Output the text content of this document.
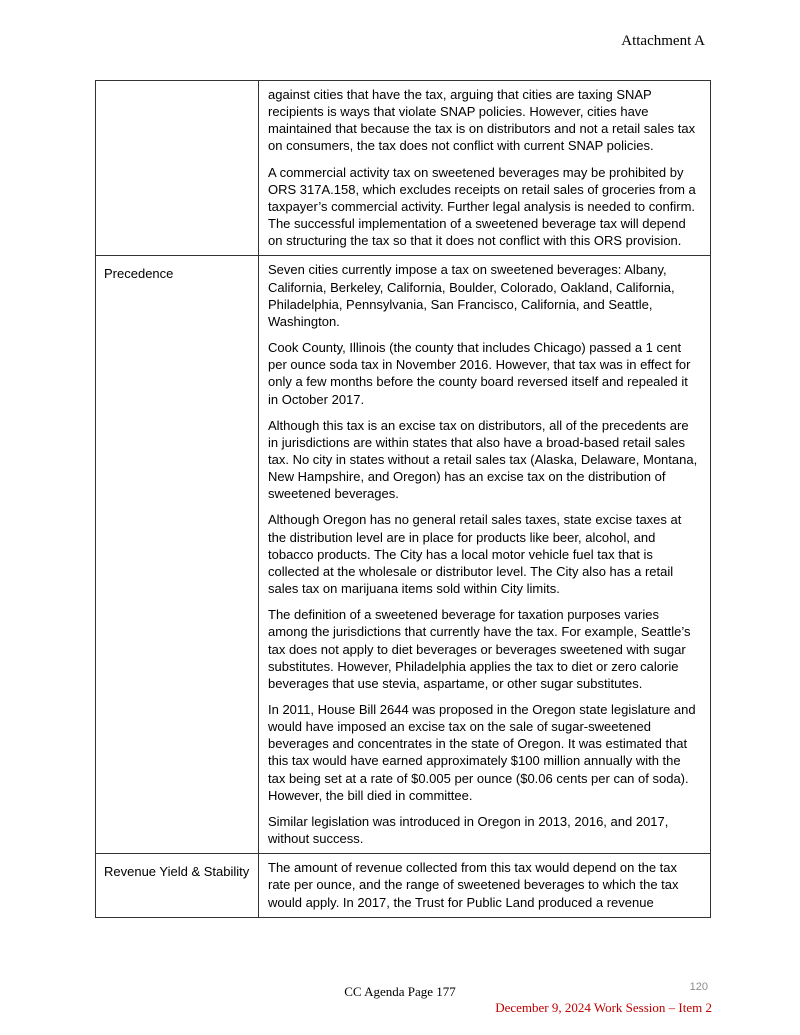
Attachment A

	against cities that have the tax, arguing that cities are taxing SNAP recipients is ways that violate SNAP policies. However, cities have maintained that because the tax is on distributors and not a retail sales tax on consumers, the tax does not conflict with current SNAP policies.

A commercial activity tax on sweetened beverages may be prohibited by ORS 317A.158, which excludes receipts on retail sales of groceries from a taxpayer’s commercial activity. Further legal analysis is needed to confirm. The successful implementation of a sweetened beverage tax will depend on structuring the tax so that it does not conflict with this ORS provision.

Precedence	Seven cities currently impose a tax on sweetened beverages: Albany, California, Berkeley, California, Boulder, Colorado, Oakland, California, Philadelphia, Pennsylvania, San Francisco, California, and Seattle, Washington.

Cook County, Illinois (the county that includes Chicago) passed a 1 cent per ounce soda tax in November 2016. However, that tax was in effect for only a few months before the county board reversed itself and repealed it in October 2017.

Although this tax is an excise tax on distributors, all of the precedents are in jurisdictions are within states that also have a broad-based retail sales tax. No city in states without a retail sales tax (Alaska, Delaware, Montana, New Hampshire, and Oregon) has an excise tax on the distribution of sweetened beverages.

Although Oregon has no general retail sales taxes, state excise taxes at the distribution level are in place for products like beer, alcohol, and tobacco products. The City has a local motor vehicle fuel tax that is collected at the wholesale or distributor level. The City also has a retail sales tax on marijuana items sold within City limits.

The definition of a sweetened beverage for taxation purposes varies among the jurisdictions that currently have the tax. For example, Seattle’s tax does not apply to diet beverages or beverages sweetened with sugar substitutes. However, Philadelphia applies the tax to diet or zero calorie beverages that use stevia, aspartame, or other sugar substitutes.

In 2011, House Bill 2644 was proposed in the Oregon state legislature and would have imposed an excise tax on the sale of sugar-sweetened beverages and concentrates in the state of Oregon. It was estimated that this tax would have earned approximately $100 million annually with the tax being set at a rate of $0.005 per ounce ($0.06 cents per can of soda). However, the bill died in committee.

Similar legislation was introduced in Oregon in 2013, 2016, and 2017, without success.

Revenue Yield & Stability	The amount of revenue collected from this tax would depend on the tax rate per ounce, and the range of sweetened beverages to which the tax would apply. In 2017, the Trust for Public Land produced a revenue

CC Agenda Page 177	120
December 9, 2024 Work Session – Item 2
